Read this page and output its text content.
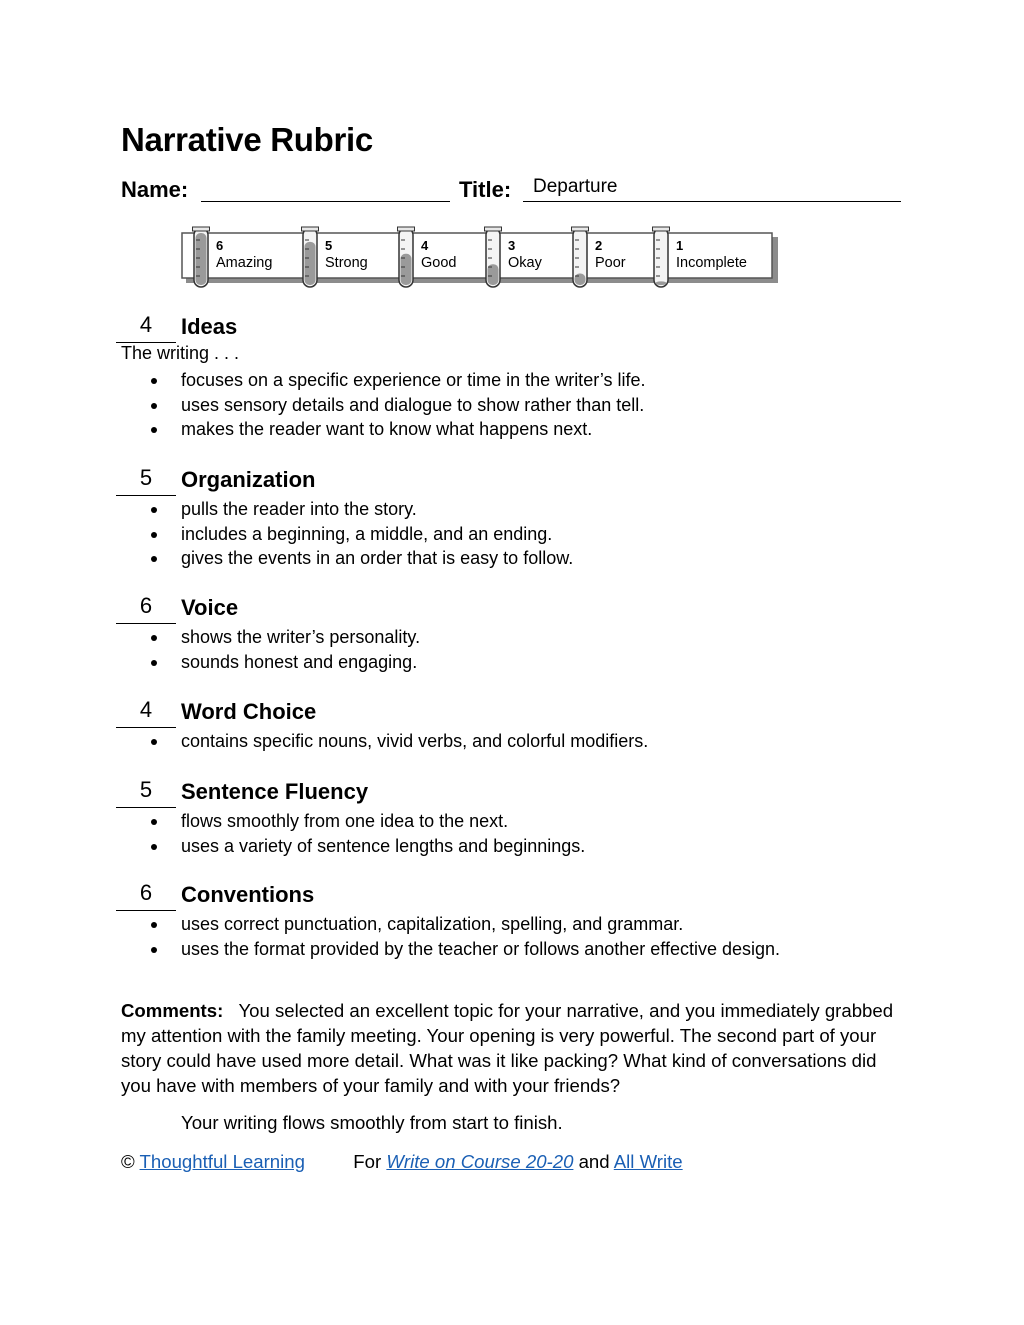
Narrative Rubric
Name:	Title: Departure
6
Amazing
5
Strong
4
Good
3
Okay
2
Poor
1
Incomplete
4	Ideas
The writing . . .
focuses on a specific experience or time in the writer’s life.
uses sensory details and dialogue to show rather than tell.
makes the reader want to know what happens next.
5	Organization
pulls the reader into the story.
includes a beginning, a middle, and an ending.
gives the events in an order that is easy to follow.
6	Voice
shows the writer’s personality.
sounds honest and engaging.
4	Word Choice
contains specific nouns, vivid verbs, and colorful modifiers.
5	Sentence Fluency
flows smoothly from one idea to the next.
uses a variety of sentence lengths and beginnings.
6	Conventions
uses correct punctuation, capitalization, spelling, and grammar.
uses the format provided by the teacher or follows another effective design.
Comments: You selected an excellent topic for your narrative, and you immediately grabbed my attention with the family meeting. Your opening is very powerful. The second part of your story could have used more detail. What was it like packing? What kind of conversations did you have with members of your family and with your friends?
Your writing flows smoothly from start to finish.
© Thoughtful Learning	For Write on Course 20-20 and All Write
